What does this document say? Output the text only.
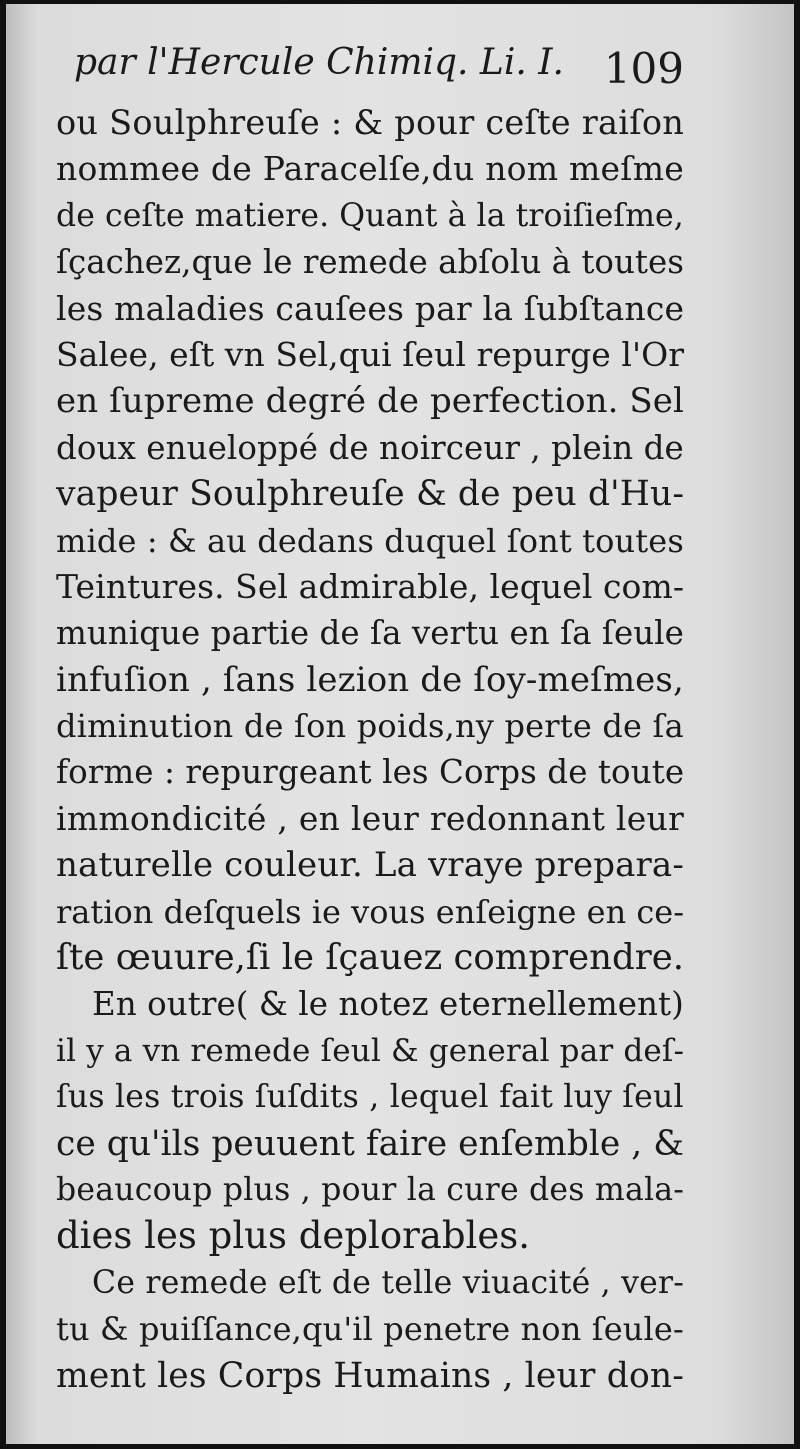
par l'Hercule Chimiq. Li. I. 109
ou Soulphreuſe : & pour ceſte raiſon
nommee de Paracelſe,du nom meſme
de ceſte matiere. Quant à la troiſieſme,
ſçachez,que le remede abſolu à toutes
les maladies cauſees par la ſubſtance
Salee, eſt vn Sel,qui ſeul repurge l'Or
en ſupreme degré de perfection. Sel
doux enueloppé de noirceur , plein de
vapeur Soulphreuſe & de peu d'Hu-
mide : & au dedans duquel ſont toutes
Teintures. Sel admirable, lequel com-
munique partie de ſa vertu en ſa ſeule
infuſion , ſans lezion de ſoy-meſmes,
diminution de ſon poids,ny perte de ſa
forme : repurgeant les Corps de toute
immondicité , en leur redonnant leur
naturelle couleur. La vraye prepara-
ration deſquels ie vous enſeigne en ce-
ſte œuure,ſi le ſçauez comprendre.
En outre( & le notez eternellement)
il y a vn remede ſeul & general par deſ-
ſus les trois ſuſdits , lequel fait luy ſeul
ce qu'ils peuuent faire enſemble , &
beaucoup plus , pour la cure des mala-
dies les plus deplorables.
Ce remede eſt de telle viuacité , ver-
tu & puiſſance,qu'il penetre non ſeule-
ment les Corps Humains , leur don-
